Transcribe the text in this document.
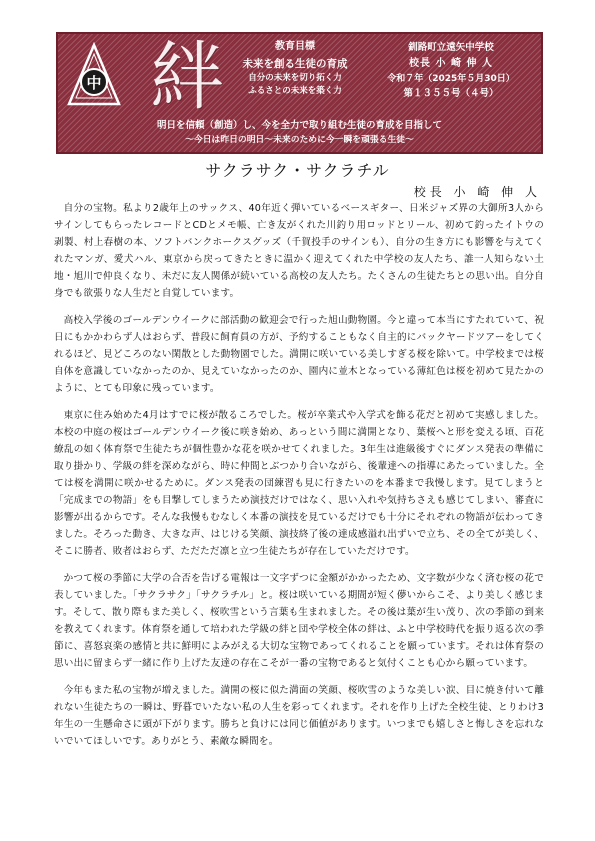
中 絆	教育目標
未来を創る生徒の育成
自分の未来を切り拓く力
ふるさとの未来を築く力
釧路町立遠矢中学校
校長 小 崎 伸 人
令和７年（2025年５月30日）
第１３５５号（４号）
明日を信頼（創造）し、今を全力で取り組む生徒の育成を目指して
〜今日は昨日の明日〜未来のために今一瞬を頑張る生徒〜
サクラサク・サクラチル
校長 小 崎 伸 人

自分の宝物。私より2歳年上のサックス、40年近く弾いているベースギター、日米ジャズ界の大御所3人からサインしてもらったレコードとCDとメモ帳、亡き友がくれた川釣り用ロッドとリール、初めて釣ったイトウの剥製、村上春樹の本、ソフトバンクホークスグッズ（千賀投手のサインも）、自分の生き方にも影響を与えてくれたマンガ、愛犬ハル、東京から戻ってきたときに温かく迎えてくれた中学校の友人たち、誰一人知らない土地・旭川で仲良くなり、未だに友人関係が続いている高校の友人たち。たくさんの生徒たちとの思い出。自分自身でも欲張りな人生だと自覚しています。

高校入学後のゴールデンウイークに部活動の歓迎会で行った旭山動物園。今と違って本当にすたれていて、祝日にもかかわらず人はおらず、普段に飼育員の方が、予約することもなく自主的にバックヤードツアーをしてくれるほど、見どころのない閑散とした動物園でした。満開に咲いている美しすぎる桜を除いて。中学校までは桜自体を意識していなかったのか、見えていなかったのか、園内に並木となっている薄紅色は桜を初めて見たかのように、とても印象に残っています。

東京に住み始めた4月はすでに桜が散るころでした。桜が卒業式や入学式を飾る花だと初めて実感しました。本校の中庭の桜はゴールデンウイーク後に咲き始め、あっという間に満開となり、葉桜へと形を変える頃、百花繚乱の如く体育祭で生徒たちが個性豊かな花を咲かせてくれました。3年生は進級後すぐにダンス発表の準備に取り掛かり、学級の絆を深めながら、時に仲間とぶつかり合いながら、後輩達への指導にあたっていました。全ては桜を満開に咲かせるために。ダンス発表の団練習も見に行きたいのを本番まで我慢します。見てしまうと「完成までの物語」をも目撃してしまうため演技だけではなく、思い入れや気持ちさえも感じてしまい、審査に影響が出るからです。そんな我慢もむなしく本番の演技を見ているだけでも十分にそれぞれの物語が伝わってきました。そろった動き、大きな声、はじける笑顔、演技終了後の達成感溢れ出ずいで立ち、その全てが美しく、そこに勝者、敗者はおらず、ただただ凛と立つ生徒たちが存在していただけです。

かつて桜の季節に大学の合否を告げる電報は一文字ずつに金額がかかったため、文字数が少なく済む桜の花で表していました。「サクラサク」「サクラチル」と。桜は咲いている期間が短く儚いからこそ、より美しく感じます。そして、散り際もまた美しく、桜吹雪という言葉も生まれました。その後は葉が生い茂り、次の季節の到来を教えてくれます。体育祭を通して培われた学級の絆と団や学校全体の絆は、ふと中学校時代を振り返る次の季節に、喜怒哀楽の感情と共に鮮明によみがえる大切な宝物であってくれることを願っています。それは体育祭の思い出に留まらず一緒に作り上げた友達の存在こそが一番の宝物であると気付くことも心から願っています。

今年もまた私の宝物が増えました。満開の桜に似た満面の笑顔、桜吹雪のような美しい涙、目に焼き付いて離れない生徒たちの一瞬は、野暮でいたない私の人生を彩ってくれます。それを作り上げた全校生徒、とりわけ3年生の一生懸命さに頭が下がります。勝ちと負けには同じ価値があります。いつまでも嬉しさと悔しさを忘れないでいてほしいです。ありがとう、素敵な瞬間を。
